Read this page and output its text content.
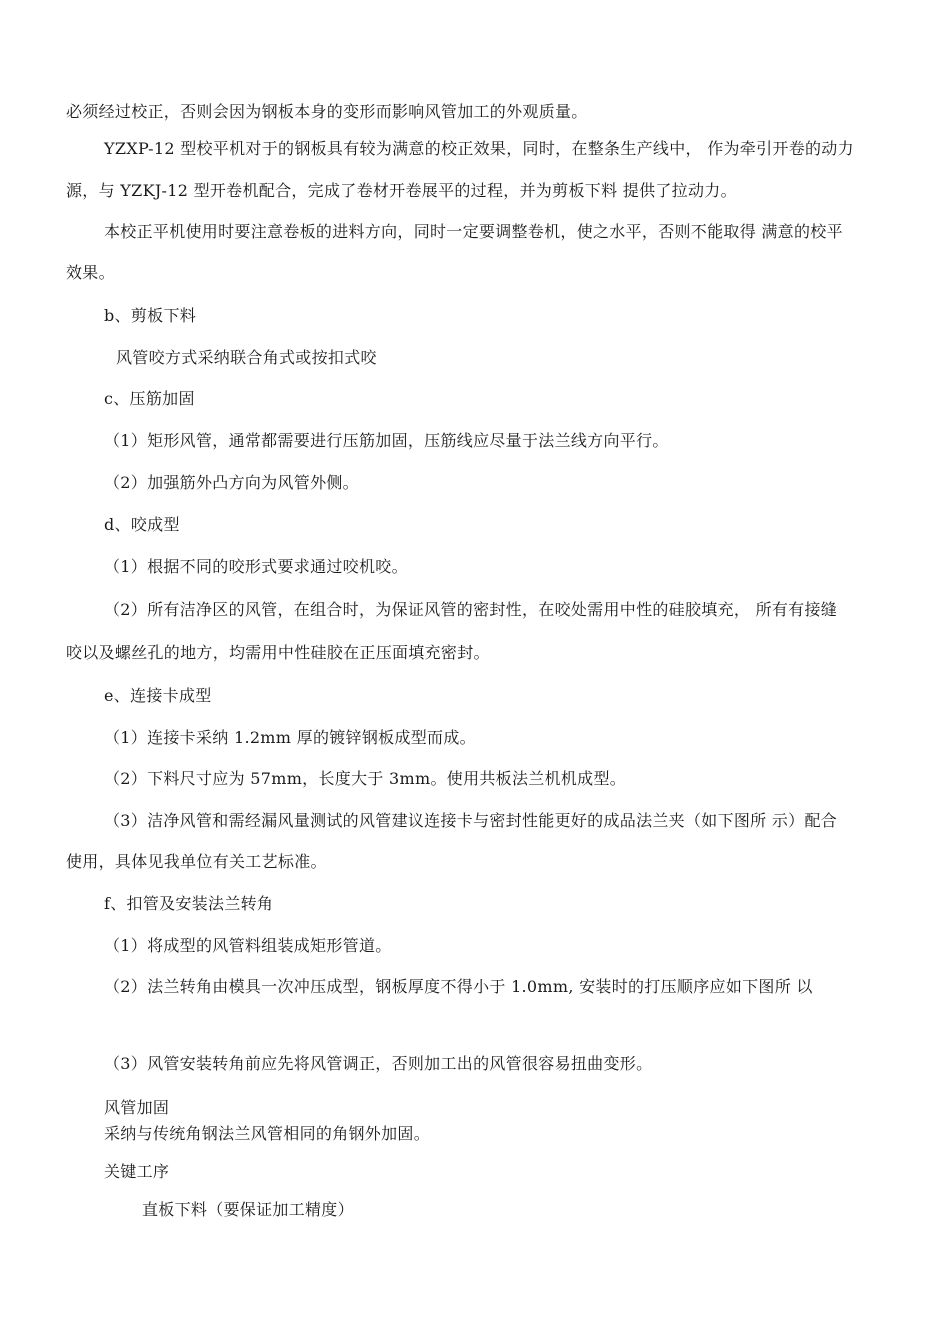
必须经过校正，否则会因为钢板本身的变形而影响风管加工的外观质量。
YZXP-12 型校平机对于的钢板具有较为满意的校正效果，同时，在整条生产线中， 作为牵引开卷的动力
源，与 YZKJ-12 型开卷机配合，完成了卷材开卷展平的过程，并为剪板下料 提供了拉动力。
本校正平机使用时要注意卷板的进料方向，同时一定要调整卷机，使之水平，否则不能取得 满意的校平
效果。
b、剪板下料
风管咬方式采纳联合角式或按扣式咬
c、压筋加固
（1）矩形风管，通常都需要进行压筋加固，压筋线应尽量于法兰线方向平行。
（2）加强筋外凸方向为风管外侧。
d、咬成型
（1）根据不同的咬形式要求通过咬机咬。
（2）所有洁净区的风管，在组合时，为保证风管的密封性，在咬处需用中性的硅胶填充， 所有有接缝
咬以及螺丝孔的地方，均需用中性硅胶在正压面填充密封。
e、连接卡成型
（1）连接卡采纳 1.2mm 厚的镀锌钢板成型而成。
（2）下料尺寸应为 57mm，长度大于 3mm。使用共板法兰机机成型。
（3）洁净风管和需经漏风量测试的风管建议连接卡与密封性能更好的成品法兰夹（如下图所 示）配合
使用，具体见我单位有关工艺标准。
f、扣管及安装法兰转角
（1）将成型的风管料组装成矩形管道。
（2）法兰转角由模具一次冲压成型，钢板厚度不得小于 1.0mm, 安装时的打压顺序应如下图所 以
（3）风管安装转角前应先将风管调正，否则加工出的风管很容易扭曲变形。
风管加固
采纳与传统角钢法兰风管相同的角钢外加固。
关键工序
直板下料（要保证加工精度）
